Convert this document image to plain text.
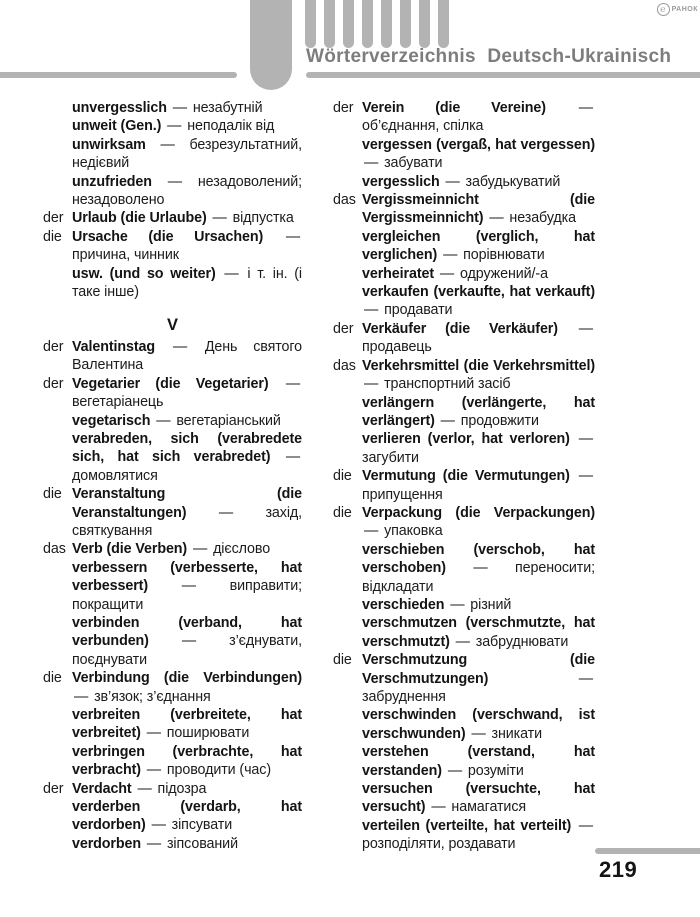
Wörterverzeichnis Deutsch-Ukrainisch
℮ РАНОК
unvergesslich — незабутній
unweit (Gen.) — неподалік від
unwirksam — безрезультатний, недієвий
unzufrieden — незадоволений; незадоволено
der Urlaub (die Urlaube) — відпустка
die Ursache (die Ursachen) — причина, чинник
usw. (und so weiter) — і т. ін. (і таке інше)
V
der Valentinstag — День святого Валентина
der Vegetarier (die Vegetarier) — вегетаріанець
vegetarisch — вегетаріанський
verabreden, sich (verabredete sich, hat sich verabredet) — домовлятися
die Veranstaltung (die Veranstaltungen) — захід, святкування
das Verb (die Verben) — дієслово
verbessern (verbesserte, hat verbessert) — виправити; покращити
verbinden (verband, hat verbunden) — з’єднувати, поєднувати
die Verbindung (die Verbindungen) — зв’язок; з’єднання
verbreiten (verbreitete, hat verbreitet) — поширювати
verbringen (verbrachte, hat verbracht) — проводити (час)
der Verdacht — підозра
verderben (verdarb, hat verdorben) — зіпсувати
verdorben — зіпсований
der Verein (die Vereine) — об’єднання, спілка
vergessen (vergaß, hat vergessen) — забувати
vergesslich — забудькуватий
das Vergissmeinnicht (die Vergissmeinnicht) — незабудка
vergleichen (verglich, hat verglichen) — порівнювати
verheiratet — одружений/-а
verkaufen (verkaufte, hat verkauft) — продавати
der Verkäufer (die Verkäufer) — продавець
das Verkehrsmittel (die Verkehrsmittel) — транспортний засіб
verlängern (verlängerte, hat verlängert) — продовжити
verlieren (verlor, hat verloren) — загубити
die Vermutung (die Vermutungen) — припущення
die Verpackung (die Verpackungen) — упаковка
verschieben (verschob, hat verschoben) — переносити; відкладати
verschieden — різний
verschmutzen (verschmutzte, hat verschmutzt) — забруднювати
die Verschmutzung (die Verschmutzungen)	— забруднення
verschwinden (verschwand, ist verschwunden) — зникати
verstehen (verstand, hat verstanden) — розуміти
versuchen (versuchte, hat versucht) — намагатися
verteilen (verteilte, hat verteilt) — розподіляти, роздавати
219
